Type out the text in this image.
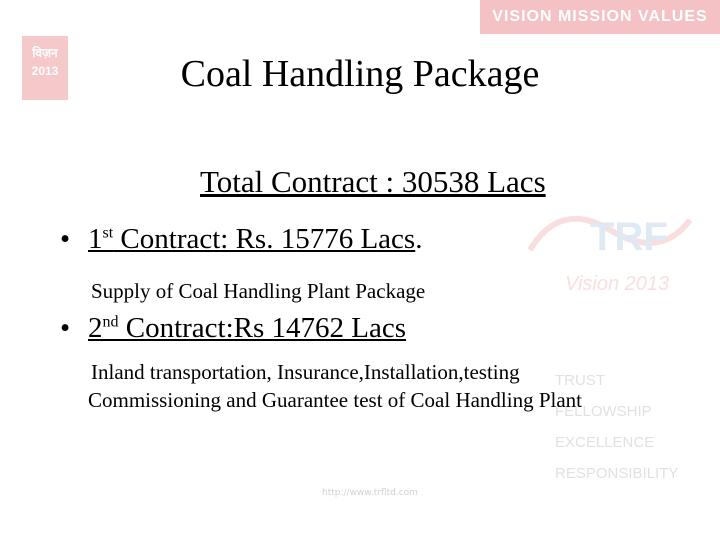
विज़न 2013
VISION MISSION VALUES
TRUST
FELLOWSHIP
EXCELLENCE
RESPONSIBILITY
TRF
Vision 2013
http://www.trfltd.com
Coal Handling Package
Total Contract : 30538 Lacs
• 1st Contract: Rs. 15776 Lacs.
Supply of Coal Handling Plant Package
• 2nd Contract:Rs 14762 Lacs
Inland transportation, Insurance,Installation,testing
Commissioning and Guarantee test of Coal Handling Plant
